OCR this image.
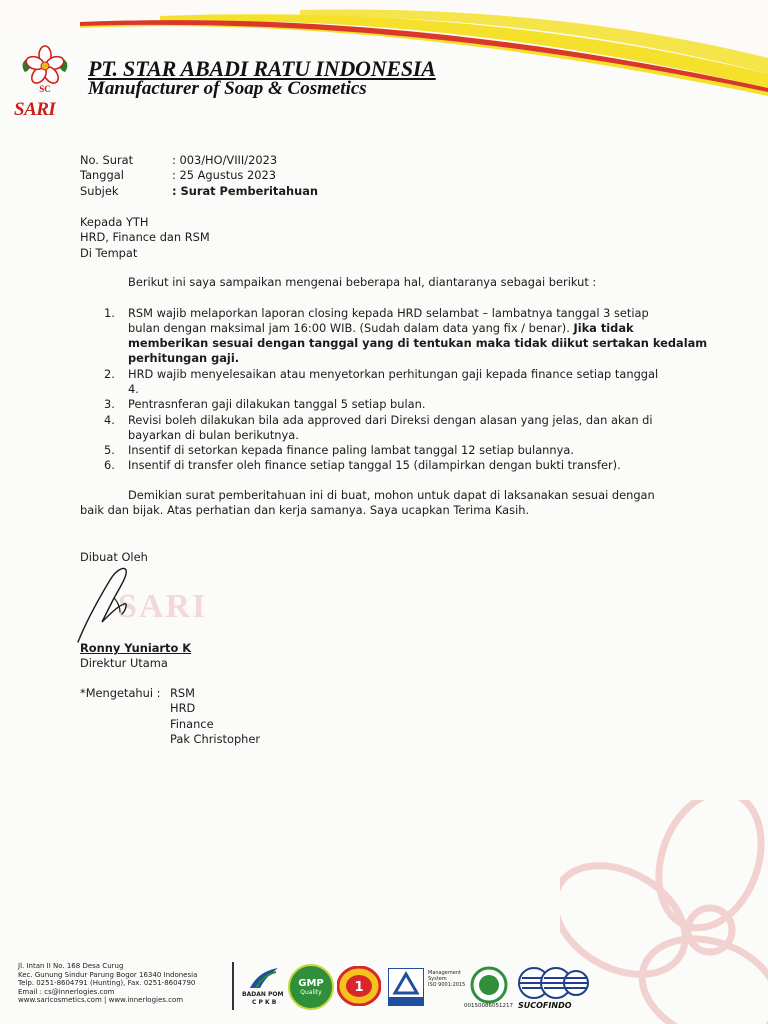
SC
SARI
PT. STAR ABADI RATU INDONESIA
Manufacturer of Soap & Cosmetics
No. Surat	: 003/HO/VIII/2023
Tanggal	: 25 Agustus 2023
Subjek	: Surat Pemberitahuan
Kepada YTH
HRD, Finance dan RSM
Di Tempat
Berikut ini saya sampaikan mengenai beberapa hal, diantaranya sebagai berikut :
1. RSM wajib melaporkan laporan closing kepada HRD selambat – lambatnya tanggal 3 setiap
bulan dengan maksimal jam 16:00 WIB. (Sudah dalam data yang fix / benar). Jika tidak
memberikan sesuai dengan tanggal yang di tentukan maka tidak diikut sertakan kedalam
perhitungan gaji.
2. HRD wajib menyelesaikan atau menyetorkan perhitungan gaji kepada finance setiap tanggal
4.
3. Pentrasnferan gaji dilakukan tanggal 5 setiap bulan.
4. Revisi boleh dilakukan bila ada approved dari Direksi dengan alasan yang jelas, dan akan di
bayarkan di bulan berikutnya.
5. Insentif di setorkan kepada finance paling lambat tanggal 12 setiap bulannya.
6. Insentif di transfer oleh finance setiap tanggal 15 (dilampirkan dengan bukti transfer).
Demikian surat pemberitahuan ini di buat, mohon untuk dapat di laksanakan sesuai dengan
baik dan bijak. Atas perhatian dan kerja samanya. Saya ucapkan Terima Kasih.
Dibuat Oleh
SARI
Ronny Yuniarto K
Direktur Utama
*Mengetahui : RSM
HRD
Finance
Pak Christopher
Jl. Intan II No. 168 Desa Curug
Kec. Gunung Sindur Parung Bogor 16340 Indonesia
Telp. 0251-8604791 (Hunting), Fax. 0251-8604790
Email : cs@innerlogies.com
www.saricosmetics.com | www.innerlogies.com
BADAN POM
C P K B
GMP
Quality	1
Management
System
ISO 9001:2015
00150086051217 SUCOFINDO
